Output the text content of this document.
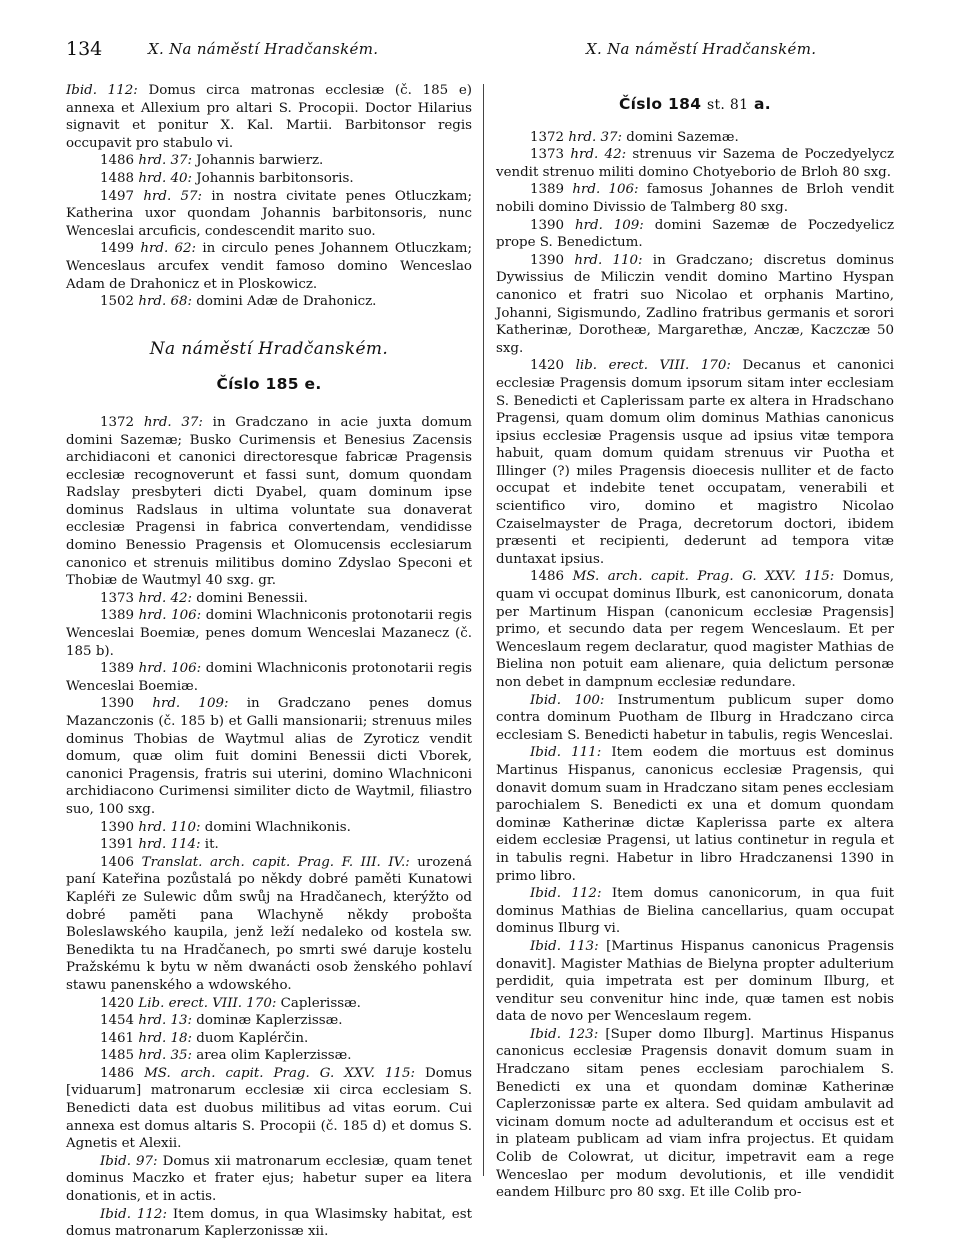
134	X. Na náměstí Hradčanském.	X. Na náměstí Hradčanském.

Ibid. 112: Domus circa matronas ecclesiæ (č. 185 e) annexa et Allexium pro altari S. Procopii. Doctor Hilarius signavit et ponitur X. Kal. Martii. Barbitonsor regis occupavit pro stabulo vi.

1486 hrd. 37: Johannis barwierz.

1488 hrd. 40: Johannis barbitonsoris.

1497 hrd. 57: in nostra civitate penes Otluczkam; Katherina uxor quondam Johannis barbitonsoris, nunc Wenceslai arcuficis, condescendit marito suo.

1499 hrd. 62: in circulo penes Johannem Otluczkam; Wenceslaus arcufex vendit famoso domino Wenceslao Adam de Drahonicz et in Ploskowicz.

1502 hrd. 68: domini Adæ de Drahonicz.

Na náměstí Hradčanském.
Číslo 185 e.

1372 hrd. 37: in Gradczano in acie juxta domum domini Sazemæ; Busko Curimensis et Benesius Zacensis archidiaconi et canonici directoresque fabricæ Pragensis ecclesiæ recognoverunt et fassi sunt, domum quondam Radslay presbyteri dicti Dyabel, quam dominum ipse dominus Radslaus in ultima voluntate sua donaverat ecclesiæ Pragensi in fabrica convertendam, vendidisse domino Benessio Pragensis et Olomucensis ecclesiarum canonico et strenuis militibus domino Zdyslao Speconi et Thobiæ de Wautmyl 40 sxg. gr.

1373 hrd. 42: domini Benessii.

1389 hrd. 106: domini Wlachniconis protonotarii regis Wenceslai Boemiæ, penes domum Wenceslai Mazanecz (č. 185 b).

1389 hrd. 106: domini Wlachniconis protonotarii regis Wenceslai Boemiæ.

1390 hrd. 109: in Gradczano penes domus Mazanczonis (č. 185 b) et Galli mansionarii; strenuus miles dominus Thobias de Waytmul alias de Zyroticz vendit domum, quæ olim fuit domini Benessii dicti Vborek, canonici Pragensis, fratris sui uterini, domino Wlachniconi archidiacono Curimensi similiter dicto de Waytmil, filiastro suo, 100 sxg.

1390 hrd. 110: domini Wlachnikonis.

1391 hrd. 114: it.

1406 Translat. arch. capit. Prag. F. III. IV.: urozená paní Kateřina pozůstalá po někdy dobré paměti Kunatowi Kapléři ze Sulewic dům swůj na Hradčanech, kterýžto od dobré paměti pana Wlachyně někdy probošta Boleslawského kaupila, jenž leží nedaleko od kostela sw. Benedikta tu na Hradčanech, po smrti swé daruje kostelu Pražskému k bytu w něm dwanácti osob ženského pohlaví stawu panenského a wdowského.

1420 Lib. erect. VIII. 170: Caplerissæ.

1454 hrd. 13: dominæ Kaplerzissæ.

1461 hrd. 18: duom Kaplérčin.

1485 hrd. 35: area olim Kaplerzissæ.

1486 MS. arch. capit. Prag. G. XXV. 115: Domus [viduarum] matronarum ecclesiæ xii circa ecclesiam S. Benedicti data est duobus militibus ad vitas eorum. Cui annexa est domus altaris S. Procopii (č. 185 d) et domus S. Agnetis et Alexii.

Ibid. 97: Domus xii matronarum ecclesiæ, quam tenet dominus Maczko et frater ejus; habetur super ea litera donationis, et in actis.

Ibid. 112: Item domus, in qua Wlasimsky habitat, est domus matronarum Kaplerzonissæ xii.

Číslo 184 st. 81 a.

1372 hrd. 37: domini Sazemæ.

1373 hrd. 42: strenuus vir Sazema de Poczedyelycz vendit strenuo militi domino Chotyeborio de Brloh 80 sxg.

1389 hrd. 106: famosus Johannes de Brloh vendit nobili domino Divissio de Talmberg 80 sxg.

1390 hrd. 109: domini Sazemæ de Poczedyelicz prope S. Benedictum.

1390 hrd. 110: in Gradczano; discretus dominus Dywissius de Miliczin vendit domino Martino Hyspan canonico et fratri suo Nicolao et orphanis Martino, Johanni, Sigismundo, Zadlino fratribus germanis et sorori Katherinæ, Dorotheæ, Margarethæ, Anczæ, Kaczczæ 50 sxg.

1420 lib. erect. VIII. 170: Decanus et canonici ecclesiæ Pragensis domum ipsorum sitam inter ecclesiam S. Benedicti et Caplerissam parte ex altera in Hradschano Pragensi, quam domum olim dominus Mathias canonicus ipsius ecclesiæ Pragensis usque ad ipsius vitæ tempora habuit, quam domum quidam strenuus vir Puotha et Illinger (?) miles Pragensis dioecesis nulliter et de facto occupat et indebite tenet occupatam, venerabili et scientifico viro, domino et magistro Nicolao Czaiselmayster de Praga, decretorum doctori, ibidem præsenti et recipienti, dederunt ad tempora vitæ duntaxat ipsius.

1486 MS. arch. capit. Prag. G. XXV. 115: Domus, quam vi occupat dominus Ilburk, est canonicorum, donata per Martinum Hispan (canonicum ecclesiæ Pragensis] primo, et secundo data per regem Wenceslaum. Et per Wenceslaum regem declaratur, quod magister Mathias de Bielina non potuit eam alienare, quia delictum personæ non debet in dampnum ecclesiæ redundare.

Ibid. 100: Instrumentum publicum super domo contra dominum Puotham de Ilburg in Hradczano circa ecclesiam S. Benedicti habetur in tabulis, regis Wenceslai.

Ibid. 111: Item eodem die mortuus est dominus Martinus Hispanus, canonicus ecclesiæ Pragensis, qui donavit domum suam in Hradczano sitam penes ecclesiam parochialem S. Benedicti ex una et domum quondam dominæ Katherinæ dictæ Kaplerissa parte ex altera eidem ecclesiæ Pragensi, ut latius continetur in regula et in tabulis regni. Habetur in libro Hradczanensi 1390 in primo libro.

Ibid. 112: Item domus canonicorum, in qua fuit dominus Mathias de Bielina cancellarius, quam occupat dominus Ilburg vi.

Ibid. 113: [Martinus Hispanus canonicus Pragensis donavit]. Magister Mathias de Bielyna propter adulterium perdidit, quia impetrata est per dominum Ilburg, et venditur seu convenitur hinc inde, quæ tamen est nobis data de novo per Wenceslaum regem.

Ibid. 123: [Super domo Ilburg]. Martinus Hispanus canonicus ecclesiæ Pragensis donavit domum suam in Hradczano sitam penes ecclesiam parochialem S. Benedicti ex una et quondam dominæ Katherinæ Caplerzonissæ parte ex altera. Sed quidam ambulavit ad vicinam domum nocte ad adulterandum et occisus est et in plateam publicam ad viam infra projectus. Et quidam Colib de Colowrat, ut dicitur, impetravit eam a rege Wenceslao per modum devolutionis, et ille vendidit eandem Hilburc pro 80 sxg. Et ille Colib pro-
